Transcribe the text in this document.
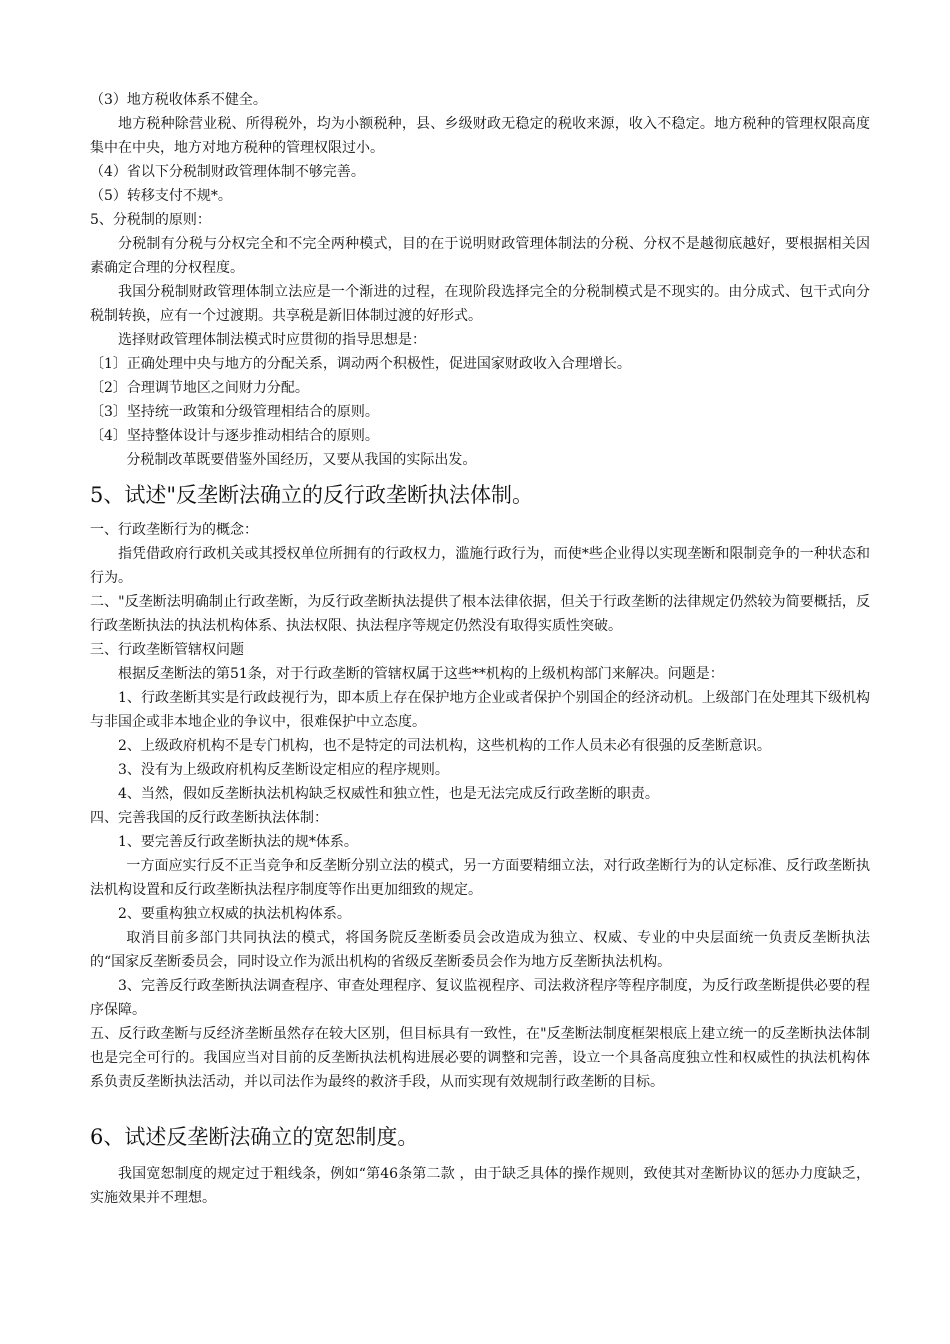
（3）地方税收体系不健全。

地方税种除营业税、所得税外，均为小额税种，县、乡级财政无稳定的税收来源，收入不稳定。地方税种的管理权限高度集中在中央，地方对地方税种的管理权限过小。

（4）省以下分税制财政管理体制不够完善。

（5）转移支付不规*。

5、分税制的原则：

分税制有分税与分权完全和不完全两种模式，目的在于说明财政管理体制法的分税、分权不是越彻底越好，要根据相关因素确定合理的分权程度。

我国分税制财政管理体制立法应是一个渐进的过程，在现阶段选择完全的分税制模式是不现实的。由分成式、包干式向分税制转换，应有一个过渡期。共享税是新旧体制过渡的好形式。

选择财政管理体制法模式时应贯彻的指导思想是：

〔1〕正确处理中央与地方的分配关系，调动两个积极性，促进国家财政收入合理增长。

〔2〕合理调节地区之间财力分配。

〔3〕坚持统一政策和分级管理相结合的原则。

〔4〕坚持整体设计与逐步推动相结合的原则。

分税制改革既要借鉴外国经历，又要从我国的实际出发。

5、试述"反垄断法确立的反行政垄断执法体制。

一、行政垄断行为的概念：

指凭借政府行政机关或其授权单位所拥有的行政权力，滥施行政行为，而使*些企业得以实现垄断和限制竞争的一种状态和行为。

二、"反垄断法明确制止行政垄断，为反行政垄断执法提供了根本法律依据，但关于行政垄断的法律规定仍然较为简要概括，反行政垄断执法的执法机构体系、执法权限、执法程序等规定仍然没有取得实质性突破。

三、行政垄断管辖权问题

根据反垄断法的第51条，对于行政垄断的管辖权属于这些**机构的上级机构部门来解决。问题是：

1、行政垄断其实是行政歧视行为，即本质上存在保护地方企业或者保护个别国企的经济动机。上级部门在处理其下级机构与非国企或非本地企业的争议中，很难保护中立态度。

2、上级政府机构不是专门机构，也不是特定的司法机构，这些机构的工作人员未必有很强的反垄断意识。

3、没有为上级政府机构反垄断设定相应的程序规则。

4、当然，假如反垄断执法机构缺乏权威性和独立性，也是无法完成反行政垄断的职责。

四、完善我国的反行政垄断执法体制：

1、要完善反行政垄断执法的规*体系。

一方面应实行反不正当竞争和反垄断分别立法的模式，另一方面要精细立法，对行政垄断行为的认定标准、反行政垄断执法机构设置和反行政垄断执法程序制度等作出更加细致的规定。

2、要重构独立权威的执法机构体系。

取消目前多部门共同执法的模式，将国务院反垄断委员会改造成为独立、权威、专业的中央层面统一负责反垄断执法的“国家反垄断委员会，同时设立作为派出机构的省级反垄断委员会作为地方反垄断执法机构。

3、完善反行政垄断执法调查程序、审查处理程序、复议监视程序、司法救济程序等程序制度，为反行政垄断提供必要的程序保障。

五、反行政垄断与反经济垄断虽然存在较大区别，但目标具有一致性，在"反垄断法制度框架根底上建立统一的反垄断执法体制也是完全可行的。我国应当对目前的反垄断执法机构进展必要的调整和完善，设立一个具备高度独立性和权威性的执法机构体系负责反垄断执法活动，并以司法作为最终的救济手段，从而实现有效规制行政垄断的目标。

6、试述反垄断法确立的宽恕制度。

我国宽恕制度的规定过于粗线条，例如“第46条第二款 ，由于缺乏具体的操作规则，致使其对垄断协议的惩办力度缺乏，实施效果并不理想。
